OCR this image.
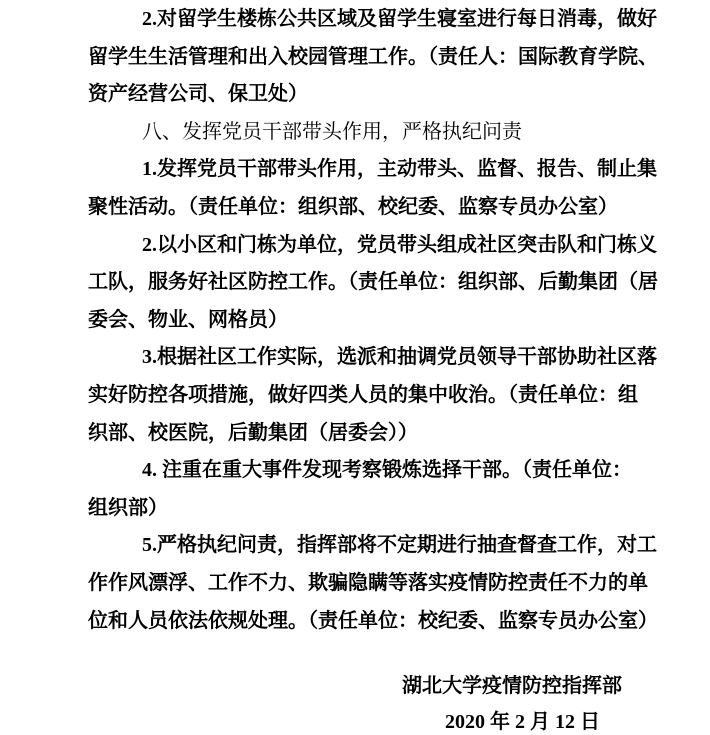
2.对留学生楼栋公共区域及留学生寝室进行每日消毒，做好
留学生生活管理和出入校园管理工作。（责任人：国际教育学院、
资产经营公司、保卫处）
八、发挥党员干部带头作用，严格执纪问责
1.发挥党员干部带头作用，主动带头、监督、报告、制止集
聚性活动。（责任单位：组织部、校纪委、监察专员办公室）
2.以小区和门栋为单位，党员带头组成社区突击队和门栋义
工队，服务好社区防控工作。（责任单位：组织部、后勤集团（居
委会、物业、网格员）
3.根据社区工作实际，选派和抽调党员领导干部协助社区落
实好防控各项措施，做好四类人员的集中收治。（责任单位：组
织部、校医院，后勤集团（居委会））
4. 注重在重大事件发现考察锻炼选择干部。（责任单位：
组织部）
5.严格执纪问责，指挥部将不定期进行抽查督查工作，对工
作作风漂浮、工作不力、欺骗隐瞒等落实疫情防控责任不力的单
位和人员依法依规处理。（责任单位：校纪委、监察专员办公室）
湖北大学疫情防控指挥部
2020 年 2 月 12 日
